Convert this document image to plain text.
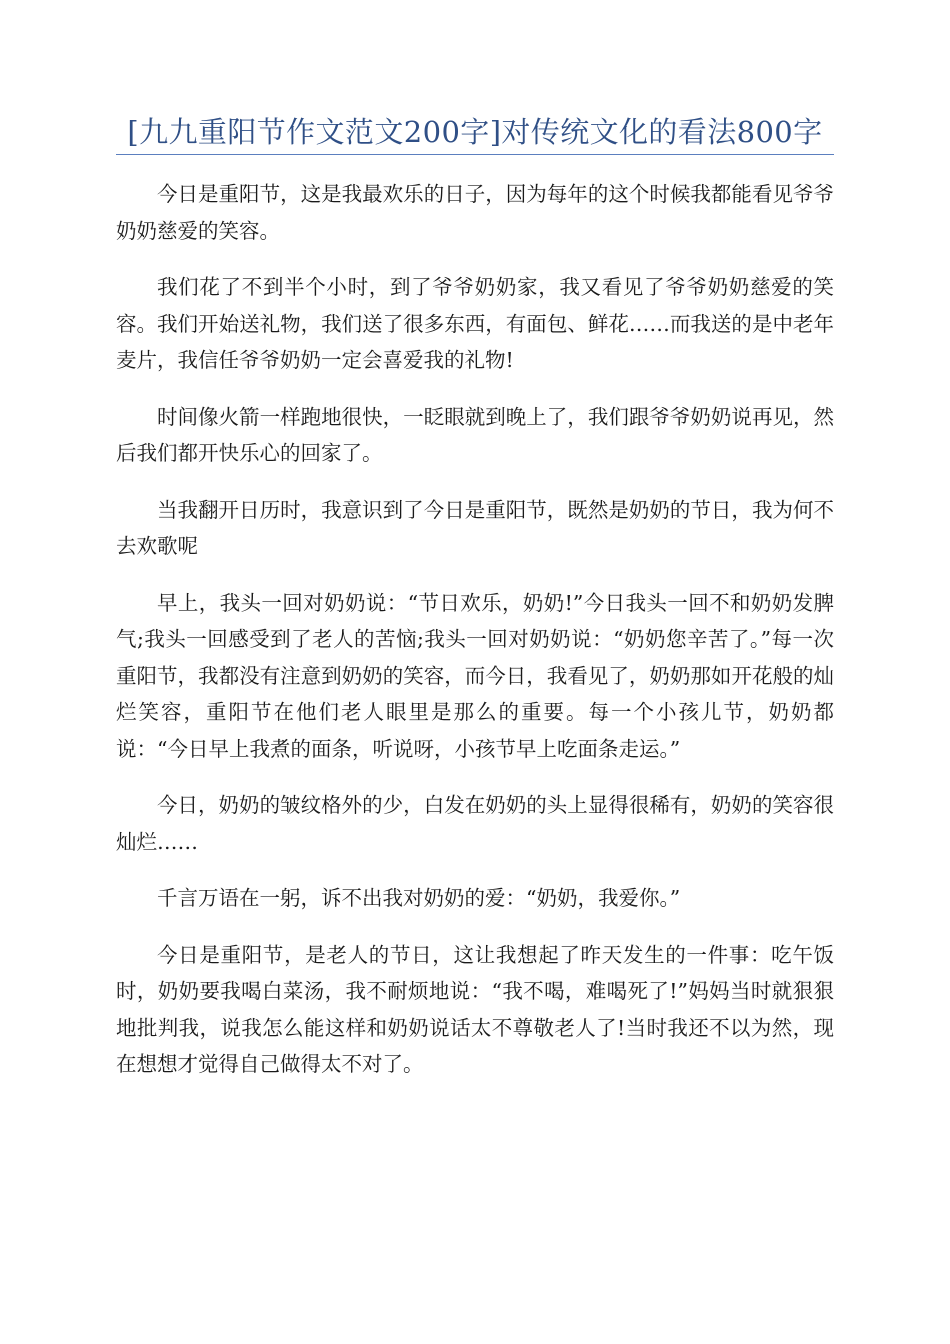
[九九重阳节作文范文200字]对传统文化的看法800字

今日是重阳节，这是我最欢乐的日子，因为每年的这个时候我都能看见爷爷奶奶慈爱的笑容。

我们花了不到半个小时，到了爷爷奶奶家，我又看见了爷爷奶奶慈爱的笑容。我们开始送礼物，我们送了很多东西，有面包、鲜花……而我送的是中老年麦片，我信任爷爷奶奶一定会喜爱我的礼物!

时间像火箭一样跑地很快，一眨眼就到晚上了，我们跟爷爷奶奶说再见，然后我们都开快乐心的回家了。

当我翻开日历时，我意识到了今日是重阳节，既然是奶奶的节日，我为何不去欢歌呢

早上，我头一回对奶奶说：“节日欢乐，奶奶!”今日我头一回不和奶奶发脾气;我头一回感受到了老人的苦恼;我头一回对奶奶说：“奶奶您辛苦了。”每一次重阳节，我都没有注意到奶奶的笑容，而今日，我看见了，奶奶那如开花般的灿烂笑容，重阳节在他们老人眼里是那么的重要。每一个小孩儿节，奶奶都说：“今日早上我煮的面条，听说呀，小孩节早上吃面条走运。”

今日，奶奶的皱纹格外的少，白发在奶奶的头上显得很稀有，奶奶的笑容很灿烂……

千言万语在一躬，诉不出我对奶奶的爱：“奶奶，我爱你。”

今日是重阳节，是老人的节日，这让我想起了昨天发生的一件事：吃午饭时，奶奶要我喝白菜汤，我不耐烦地说：“我不喝，难喝死了!”妈妈当时就狠狠地批判我，说我怎么能这样和奶奶说话太不尊敬老人了!当时我还不以为然，现在想想才觉得自己做得太不对了。
